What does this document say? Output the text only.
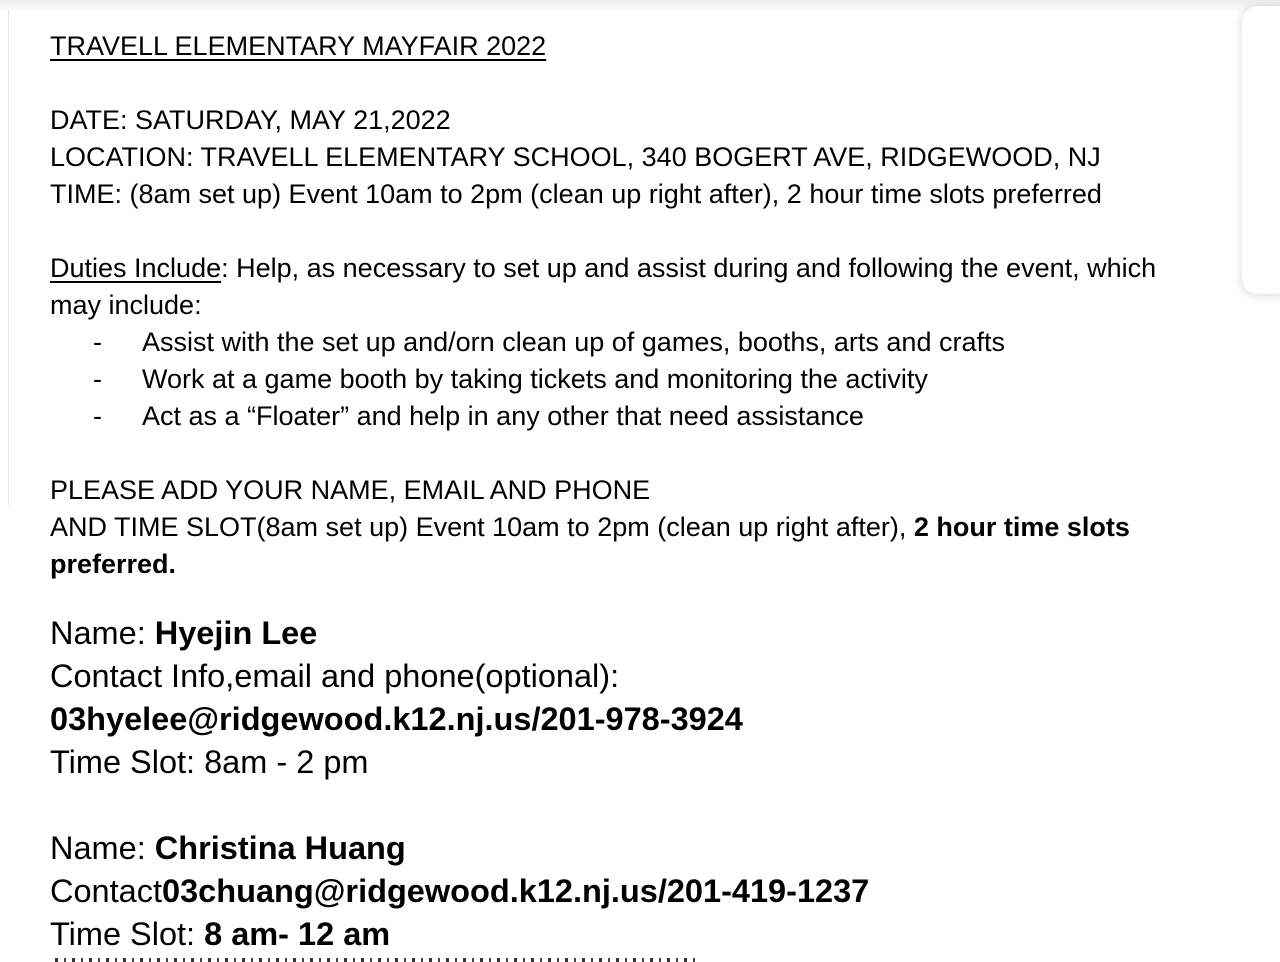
TRAVELL ELEMENTARY MAYFAIR 2022
DATE: SATURDAY, MAY 21,2022
LOCATION: TRAVELL ELEMENTARY SCHOOL, 340 BOGERT AVE, RIDGEWOOD, NJ
TIME: (8am set up) Event 10am to 2pm (clean up right after), 2 hour time slots preferred
Duties Include: Help, as necessary to set up and assist during and following the event, which
may include:
-	Assist with the set up and/orn clean up of games, booths, arts and crafts
-	Work at a game booth by taking tickets and monitoring the activity
-	Act as a “Floater” and help in any other that need assistance
PLEASE ADD YOUR NAME, EMAIL AND PHONE
AND TIME SLOT(8am set up) Event 10am to 2pm (clean up right after), 2 hour time slots
preferred.
Name: Hyejin Lee
Contact Info,email and phone(optional):
03hyelee@ridgewood.k12.nj.us/201-978-3924
Time Slot: 8am - 2 pm
Name: Christina Huang
Contact03chuang@ridgewood.k12.nj.us/201-419-1237
Time Slot: 8 am- 12 am
